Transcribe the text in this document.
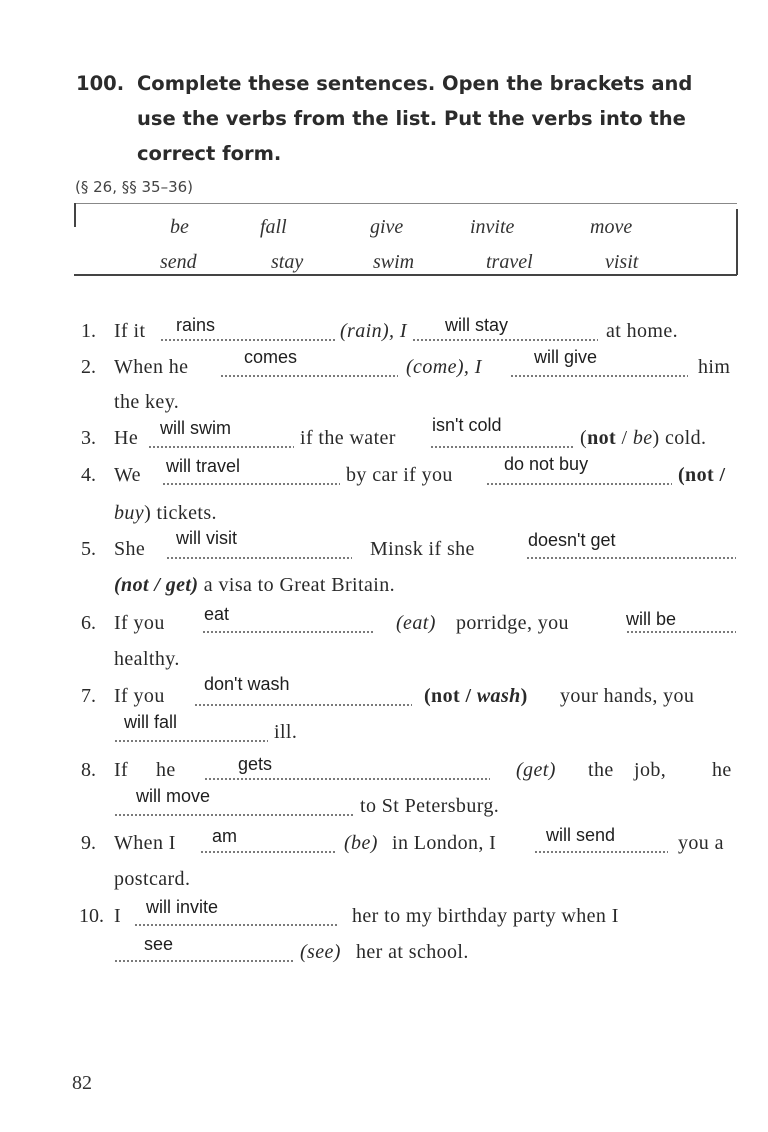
100. Complete these sentences. Open the brackets and
use the verbs from the list. Put the verbs into the
correct form.
(§ 26, §§ 35–36)
be	fall	give	invite	move
send	stay	swim	travel	visit
1. If it rains	(rain), I will stay	at home.
2. When he	comes	(come), I	will give	him
the key.
3. He will swim	if the water
isn't cold
(not / be) cold.
4. We will travel	by car if you	do not buy	(not /
buy) tickets.
5. She will visit	Minsk if she	doesn't get
(not / get) a visa to Great Britain.
6. If you eat	(eat) porridge, you	will be
healthy.
7. If you
don't wash
(not / wash) your hands, you
will fall	ill.
8. If he	gets	(get) the job, he
will move	to St Petersburg.
9. When I am	(be) in London, I	will send	you a
postcard.
10. I will invite	her to my birthday party when I
see	(see) her at school.
82
